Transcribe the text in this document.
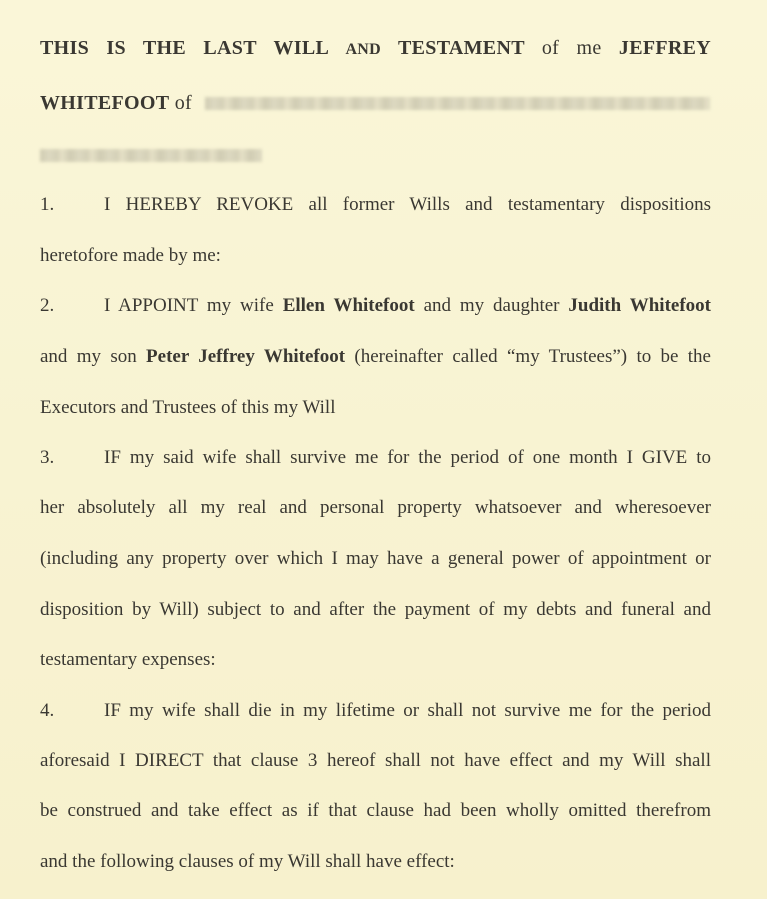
THIS IS THE LAST WILL AND TESTAMENT of me JEFFREY
WHITEFOOT of
1.	I HEREBY REVOKE all former Wills and testamentary dispositions
heretofore made by me:
2.	I APPOINT my wife Ellen Whitefoot and my daughter Judith Whitefoot
and my son Peter Jeffrey Whitefoot (hereinafter called “my Trustees”) to be the
Executors and Trustees of this my Will
3.	IF my said wife shall survive me for the period of one month I GIVE to
her absolutely all my real and personal property whatsoever and wheresoever
(including any property over which I may have a general power of appointment or
disposition by Will) subject to and after the payment of my debts and funeral and
testamentary expenses:
4.	IF my wife shall die in my lifetime or shall not survive me for the period
aforesaid I DIRECT that clause 3 hereof shall not have effect and my Will shall
be construed and take effect as if that clause had been wholly omitted therefrom
and the following clauses of my Will shall have effect:
